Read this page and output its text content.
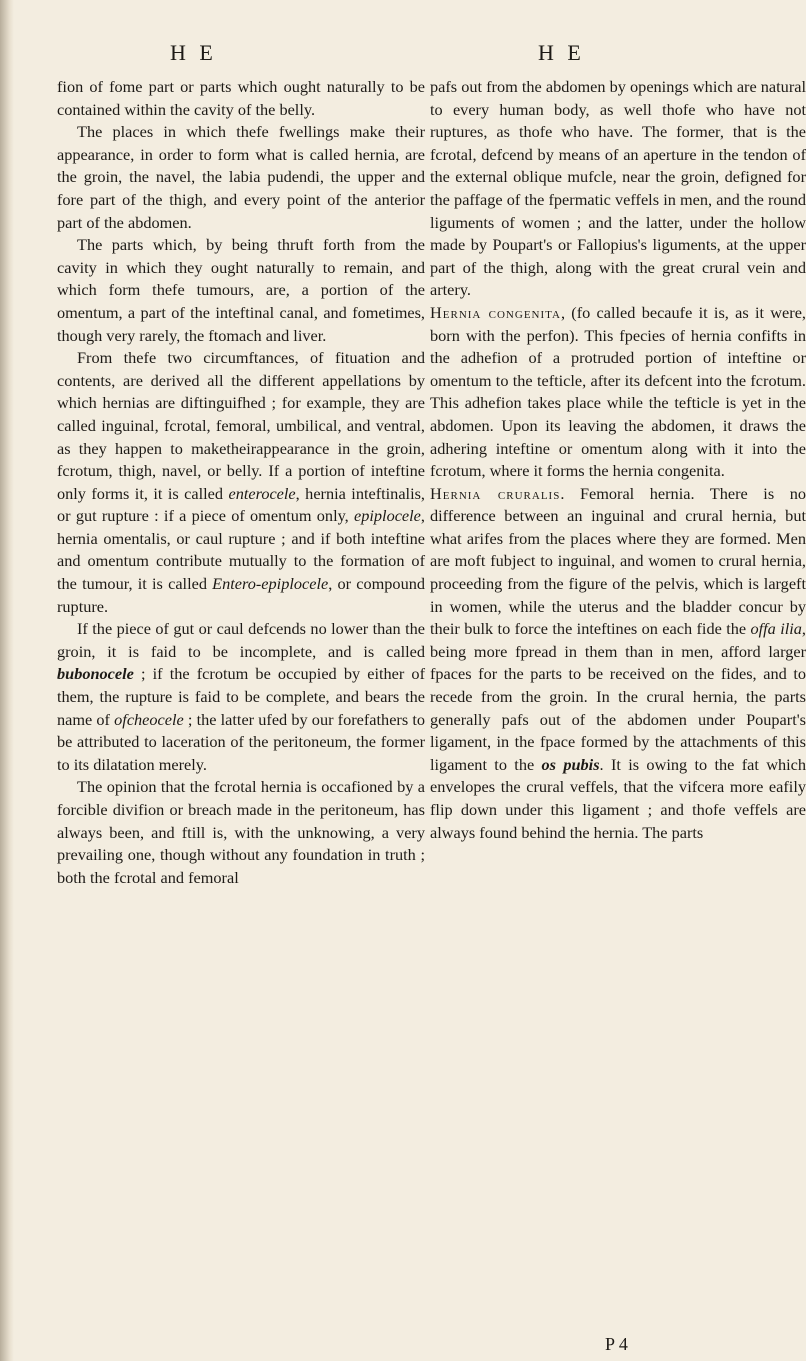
H E	H E

fion of fome part or parts which ought naturally to be contained within the cavity of the belly.

The places in which thefe fwellings make their appearance, in order to form what is called hernia, are the groin, the navel, the labia pudendi, the upper and fore part of the thigh, and every point of the anterior part of the abdomen.

The parts which, by being thruft forth from the cavity in which they ought naturally to remain, and which form thefe tumours, are, a portion of the omentum, a part of the inteftinal canal, and fometimes, though very rarely, the ftomach and liver.

From thefe two circumftances, of fituation and contents, are derived all the different appellations by which hernias are diftinguifhed ; for example, they are called inguinal, fcrotal, femoral, umbilical, and ventral, as they happen to maketheirappearance in the groin, fcrotum, thigh, navel, or belly. If a portion of inteftine only forms it, it is called enterocele, hernia inteftinalis, or gut rupture : if a piece of omentum only, epiplocele, hernia omentalis, or caul rupture ; and if both inteftine and omentum contribute mutually to the formation of the tumour, it is called Entero-epiplocele, or compound rupture.

If the piece of gut or caul defcends no lower than the groin, it is faid to be incomplete, and is called bubonocele ; if the fcrotum be occupied by either of them, the rupture is faid to be complete, and bears the name of ofcheocele ; the latter ufed by our forefathers to be attributed to laceration of the peritoneum, the former to its dilatation merely.

The opinion that the fcrotal hernia is occafioned by a forcible divifion or breach made in the peritoneum, has always been, and ftill is, with the unknowing, a very prevailing one, though without any foundation in truth ; both the fcrotal and femoral

pafs out from the abdomen by openings which are natural to every human body, as well thofe who have not ruptures, as thofe who have. The former, that is the fcrotal, defcend by means of an aperture in the tendon of the external oblique mufcle, near the groin, defigned for the paffage of the fpermatic veffels in men, and the round liguments of women ; and the latter, under the hollow made by Poupart's or Fallopius's liguments, at the upper part of the thigh, along with the great crural vein and artery.

Hernia congenita, (fo called becaufe it is, as it were, born with the perfon). This fpecies of hernia confifts in the adhefion of a protruded portion of inteftine or omentum to the tefticle, after its defcent into the fcrotum. This adhefion takes place while the tefticle is yet in the abdomen. Upon its leaving the abdomen, it draws the adhering inteftine or omentum along with it into the fcrotum, where it forms the hernia congenita.

Hernia cruralis. Femoral hernia. There is no difference between an inguinal and crural hernia, but what arifes from the places where they are formed. Men are moft fubject to inguinal, and women to crural hernia, proceeding from the figure of the pelvis, which is largeft in women, while the uterus and the bladder concur by their bulk to force the inteftines on each fide the offa ilia, being more fpread in them than in men, afford larger fpaces for the parts to be received on the fides, and to recede from the groin. In the crural hernia, the parts generally pafs out of the abdomen under Poupart's ligament, in the fpace formed by the attachments of this ligament to the os pubis. It is owing to the fat which envelopes the crural veffels, that the vifcera more eafily flip down under this ligament ; and thofe veffels are always found behind the hernia. The parts

P 4
